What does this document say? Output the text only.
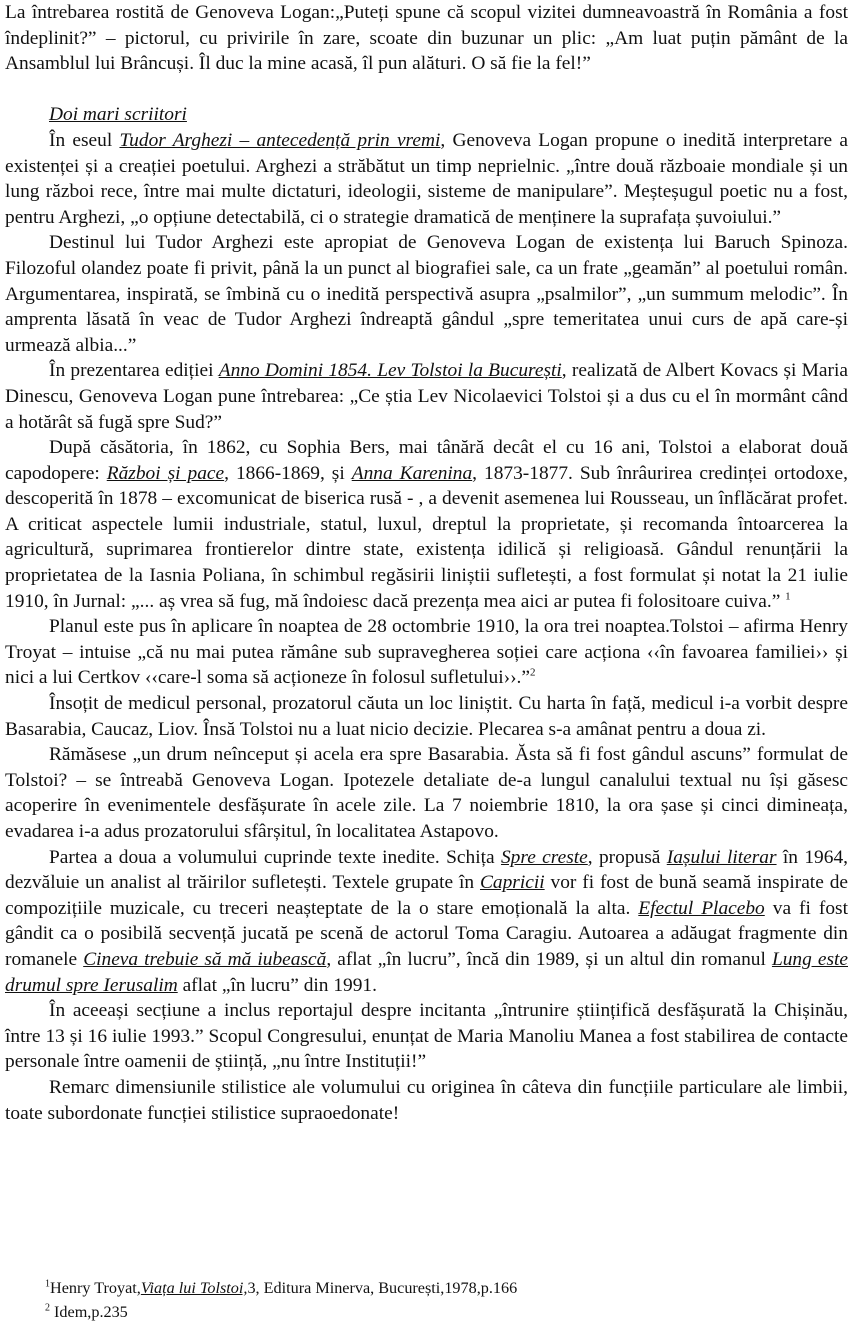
La întrebarea rostită de Genoveva Logan:„Puteți spune că scopul vizitei dumneavoastră în România a fost îndeplinit?” – pictorul, cu privirile în zare, scoate din buzunar un plic: „Am luat puțin pământ de la Ansamblul lui Brâncuși. Îl duc la mine acasă, îl pun alături. O să fie la fel!”

Doi mari scriitori

În eseul Tudor Arghezi – antecedență prin vremi, Genoveva Logan propune o inedită interpretare a existenței și a creației poetului. Arghezi a străbătut un timp neprielnic. „între două războaie mondiale și un lung război rece, între mai multe dictaturi, ideologii, sisteme de manipulare”. Meșteșugul poetic nu a fost, pentru Arghezi, „o opțiune detectabilă, ci o strategie dramatică de menținere la suprafața șuvoiului.”

Destinul lui Tudor Arghezi este apropiat de Genoveva Logan de existența lui Baruch Spinoza. Filozoful olandez poate fi privit, până la un punct al biografiei sale, ca un frate „geamăn” al poetului român. Argumentarea, inspirată, se îmbină cu o inedită perspectivă asupra „psalmilor”, „un summum melodic”. În amprenta lăsată în veac de Tudor Arghezi îndreaptă gândul „spre temeritatea unui curs de apă care-și urmează albia...”

În prezentarea ediției Anno Domini 1854. Lev Tolstoi la București, realizată de Albert Kovacs și Maria Dinescu, Genoveva Logan pune întrebarea: „Ce știa Lev Nicolaevici Tolstoi și a dus cu el în mormânt când a hotărât să fugă spre Sud?”

După căsătoria, în 1862, cu Sophia Bers, mai tânără decât el cu 16 ani, Tolstoi a elaborat două capodopere: Război și pace, 1866-1869, și Anna Karenina, 1873-1877. Sub înrâurirea credinței ortodoxe, descoperită în 1878 – excomunicat de biserica rusă - , a devenit asemenea lui Rousseau, un înflăcărat profet. A criticat aspectele lumii industriale, statul, luxul, dreptul la proprietate, și recomanda întoarcerea la agricultură, suprimarea frontierelor dintre state, existența idilică și religioasă. Gândul renunțării la proprietatea de la Iasnia Poliana, în schimbul regăsirii liniștii sufletești, a fost formulat și notat la 21 iulie 1910, în Jurnal: „... aș vrea să fug, mă îndoiesc dacă prezența mea aici ar putea fi folositoare cuiva.” $^1$

Planul este pus în aplicare în noaptea de 28 octombrie 1910, la ora trei noaptea.Tolstoi – afirma Henry Troyat – intuise „că nu mai putea rămâne sub supravegherea soției care acționa ‹‹în favoarea familiei›› și nici a lui Certkov ‹‹care-l soma să acționeze în folosul sufletului››.”$^2$

Însoțit de medicul personal, prozatorul căuta un loc liniștit. Cu harta în față, medicul i-a vorbit despre Basarabia, Caucaz, Liov. Însă Tolstoi nu a luat nicio decizie. Plecarea s-a amânat pentru a doua zi.

Rămăsese „un drum neînceput și acela era spre Basarabia. Ăsta să fi fost gândul ascuns” formulat de Tolstoi? – se întreabă Genoveva Logan. Ipotezele detaliate de-a lungul canalului textual nu își găsesc acoperire în evenimentele desfășurate în acele zile. La 7 noiembrie 1810, la ora șase și cinci dimineața, evadarea i-a adus prozatorului sfârșitul, în localitatea Astapovo.

Partea a doua a volumului cuprinde texte inedite. Schița Spre creste, propusă Iașului literar în 1964, dezvăluie un analist al trăirilor sufletești. Textele grupate în Capricii vor fi fost de bună seamă inspirate de compozițiile muzicale, cu treceri neașteptate de la o stare emoțională la alta. Efectul Placebo va fi fost gândit ca o posibilă secvență jucată pe scenă de actorul Toma Caragiu. Autoarea a adăugat fragmente din romanele Cineva trebuie să mă iubească, aflat „în lucru”, încă din 1989, și un altul din romanul Lung este drumul spre Ierusalim aflat „în lucru” din 1991.

În aceeași secțiune a inclus reportajul despre incitanta „întrunire științifică desfășurată la Chișinău, între 13 și 16 iulie 1993.” Scopul Congresului, enunțat de Maria Manoliu Manea a fost stabilirea de contacte personale între oamenii de știință, „nu între Instituții!”

Remarc dimensiunile stilistice ale volumului cu originea în câteva din funcțiile particulare ale limbii, toate subordonate funcției stilistice supraoedonate!

$^1$Henry Troyat,Viața lui Tolstoi,3, Editura Minerva, București,1978,p.166

$^2$ Idem,p.235
